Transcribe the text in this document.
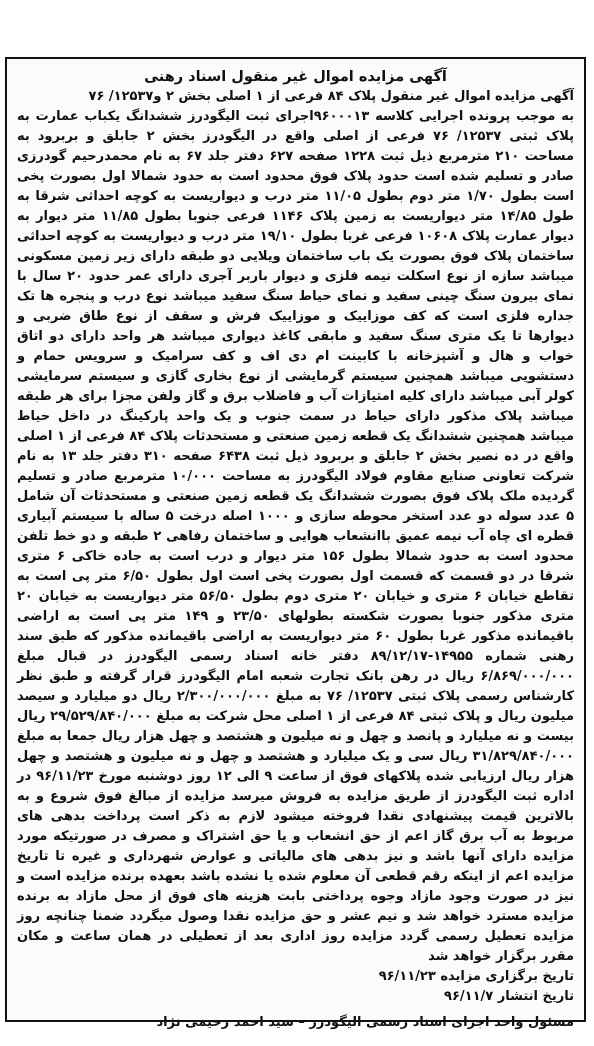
آگهی مزایده اموال غیر منقول اسناد رهنی

آگهی مزایده اموال غیر منقول پلاک ۸۴ فرعی از ۱ اصلی بخش ۲ و۱۲۵۳۷/ ۷۶

به موجب پرونده اجرایی کلاسه ۹۶۰۰۰۱۳اجرای ثبت الیگودرز ششدانگ یکباب عمارت به پلاک ثبتی ۱۲۵۳۷/ ۷۶ فرعی از اصلی واقع در الیگودرز بخش ۲ جابلق و بربرود به مساحت ۲۱۰ مترمربع ذیل ثبت ۱۲۲۸ صفحه ۶۲۷ دفتر جلد ۶۷ به نام محمدرحیم گودرزی صادر و تسلیم شده است حدود پلاک فوق محدود است به حدود شمالا اول بصورت پخی است بطول ۱/۷۰ متر دوم بطول ۱۱/۰۵ متر درب و دیواریست به کوچه احداثی شرقا به طول ۱۴/۸۵ متر دیواریست به زمین پلاک ۱۱۴۶ فرعی جنوبا بطول ۱۱/۸۵ متر دیوار به دیوار عمارت پلاک ۱۰۶۰۸ فرعی غربا بطول ۱۹/۱۰ متر درب و دیواریست به کوچه احداثی ساختمان پلاک فوق بصورت یک باب ساختمان ویلایی دو طبقه دارای زیر زمین مسکونی میباشد سازه از نوع اسکلت نیمه فلزی و دیوار باربر آجری دارای عمر حدود ۲۰ سال با نمای بیرون سنگ چینی سفید و نمای حیاط سنگ سفید میباشد نوع درب و پنجره ها تک جداره فلزی است که کف موزاییک و موزاییک فرش و سقف از نوع طاق ضربی و دیوارها تا یک متری سنگ سفید و مابقی کاغذ دیواری میباشد هر واحد دارای دو اتاق خواب و هال و آشپزخانه با کابینت ام دی اف و کف سرامیک و سرویس حمام و دستشویی میباشد همچنین سیستم گرمایشی از نوع بخاری گازی و سیستم سرمایشی کولر آبی میباشد دارای کلیه امتیازات آب و فاضلاب برق و گاز ولفن مجزا برای هر طبقه میباشد پلاک مذکور دارای حیاط در سمت جنوب و یک واحد پارکینگ در داخل حیاط میباشد همچنین ششدانگ یک قطعه زمین صنعتی و مستحدثات پلاک ۸۴ فرعی از ۱ اصلی واقع در ده نصیر بخش ۲ جابلق و بربرود ذیل ثبت ۶۴۳۸ صفحه ۳۱۰ دفتر جلد ۱۳ به نام شرکت تعاونی صنایع مقاوم فولاد الیگودرز به مساحت ۱۰/۰۰۰ مترمربع صادر و تسلیم گردیده ملک پلاک فوق بصورت ششدانگ یک قطعه زمین صنعتی و مستحدثات آن شامل ۵ عدد سوله دو عدد استخر محوطه سازی و ۱۰۰۰ اصله درخت ۵ ساله با سیستم آبیاری قطره ای چاه آب نیمه عمیق باانشعاب هوایی و ساختمان رفاهی ۲ طبقه و دو خط تلفن محدود است به حدود شمالا بطول ۱۵۶ متر دیوار و درب است به جاده خاکی ۶ متری شرقا در دو قسمت که قسمت اول بصورت پخی است اول بطول ۶/۵۰ متر پی است به تقاطع خیابان ۶ متری و خیابان ۲۰ متری دوم بطول ۵۶/۵۰ متر دیواریست به خیابان ۲۰ متری مذکور جنوبا بصورت شکسته بطولهای ۲۳/۵۰ و ۱۴۹ متر پی است به اراضی باقیمانده مذکور غربا بطول ۶۰ متر دیواریست به اراضی باقیمانده مذکور که طبق سند رهنی شماره ۱۴۹۵۵-۸۹/۱۲/۱۷ دفتر خانه اسناد رسمی الیگودرز در قبال مبلغ ۶/۸۶۹/۰۰۰/۰۰۰ ریال در رهن بانک تجارت شعبه امام الیگودرز قرار گرفته و طبق نظر کارشناس رسمی پلاک ثبتی ۱۲۵۳۷/ ۷۶ به مبلغ ۲/۳۰۰/۰۰۰/۰۰۰ ریال دو میلیارد و سیصد میلیون ریال و پلاک ثبتی ۸۴ فرعی از ۱ اصلی محل شرکت به مبلغ ۲۹/۵۲۹/۸۴۰/۰۰۰ ریال بیست و نه میلیارد و پانصد و چهل و نه میلیون و هشتصد و چهل هزار ریال جمعا به مبلغ ۳۱/۸۲۹/۸۴۰/۰۰۰ ریال سی و یک میلیارد و هشتصد و چهل و نه میلیون و هشتصد و چهل هزار ریال ارزیابی شده پلاکهای فوق از ساعت ۹ الی ۱۲ روز دوشنبه مورخ ۹۶/۱۱/۲۳ در اداره ثبت الیگودرز از طریق مزایده به فروش میرسد مزایده از مبالغ فوق شروع و به بالاترین قیمت پیشنهادی نقدا فروخته میشود لازم به ذکر است پرداخت بدهی های مربوط به آب برق گاز اعم از حق انشعاب و یا حق اشتراک و مصرف در صورتیکه مورد مزایده دارای آنها باشد و نیز بدهی های مالیاتی و عوارض شهرداری و غیره تا تاریخ مزایده اعم از اینکه رقم قطعی آن معلوم شده یا نشده باشد بعهده برنده مزایده است و نیز در صورت وجود مازاد وجوه پرداختی بابت هزینه های فوق از محل مازاد به برنده مزایده مسترد خواهد شد و نیم عشر و حق مزایده نقدا وصول میگردد ضمنا چنانچه روز مزایده تعطیل رسمی گردد مزایده روز اداری بعد از تعطیلی در همان ساعت و مکان مقرر برگزار خواهد شد

تاریخ برگزاری مزایده ۹۶/۱۱/۲۳

تاریخ انتشار ۹۶/۱۱/۷

مسئول واحد اجرای اسناد رسمی الیگودرز – سید احمد رحیمی نژاد
